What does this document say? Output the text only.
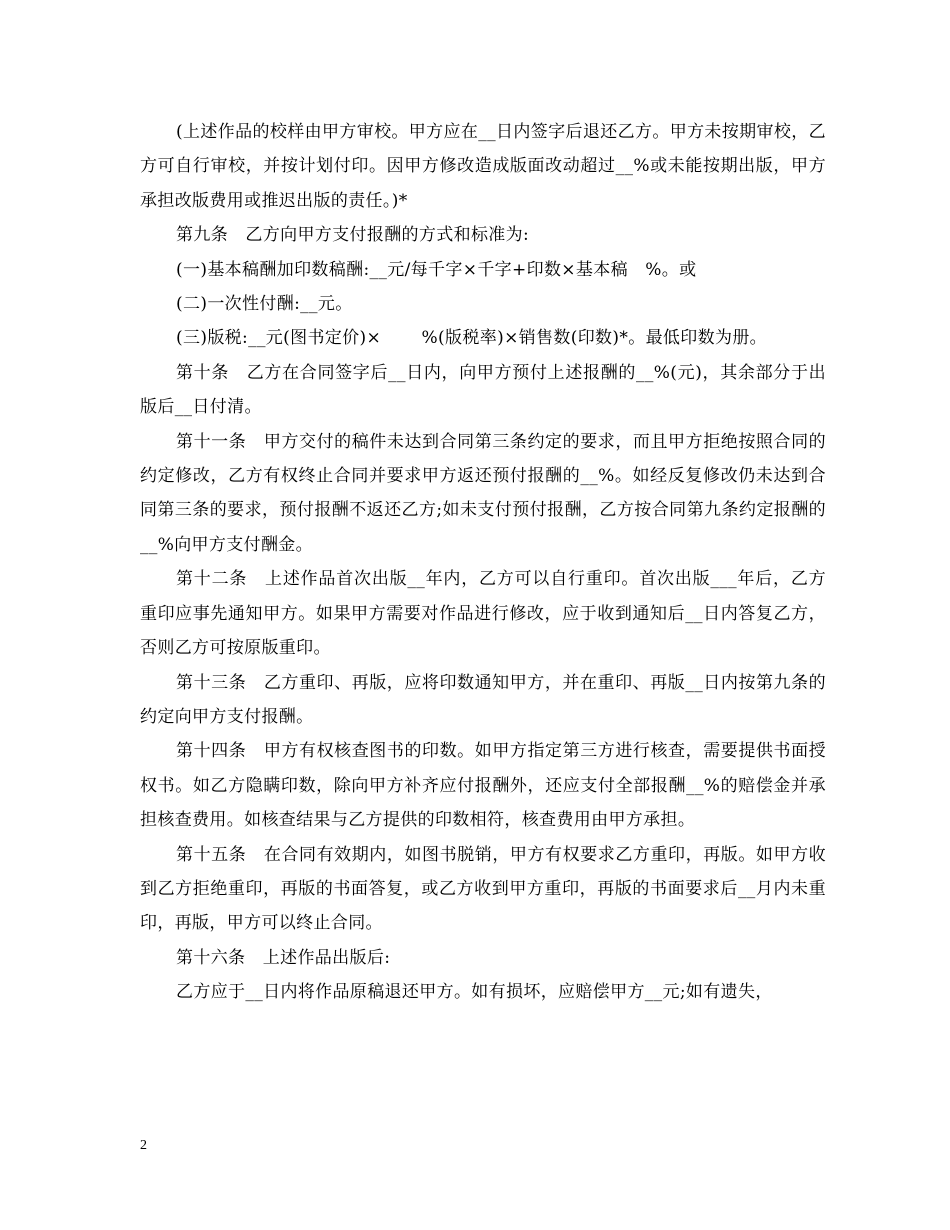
(上述作品的校样由甲方审校。甲方应在__日内签字后退还乙方。甲方未按期审校，乙方可自行审校，并按计划付印。因甲方修改造成版面改动超过__%或未能按期出版，甲方承担改版费用或推迟出版的责任。)*

第九条　乙方向甲方支付报酬的方式和标准为:

(一)基本稿酬加印数稿酬:__元/每千字×千字+印数×基本稿　%。或

(二)一次性付酬:__元。

(三)版税:__元(图书定价)×　　 %(版税率)×销售数(印数)*。最低印数为册。

第十条　乙方在合同签字后__日内，向甲方预付上述报酬的__%(元)，其余部分于出版后__日付清。

第十一条　甲方交付的稿件未达到合同第三条约定的要求，而且甲方拒绝按照合同的约定修改，乙方有权终止合同并要求甲方返还预付报酬的__%。如经反复修改仍未达到合同第三条的要求，预付报酬不返还乙方;如未支付预付报酬，乙方按合同第九条约定报酬的__%向甲方支付酬金。

第十二条　上述作品首次出版__年内，乙方可以自行重印。首次出版___年后，乙方重印应事先通知甲方。如果甲方需要对作品进行修改，应于收到通知后__日内答复乙方，否则乙方可按原版重印。

第十三条　乙方重印、再版，应将印数通知甲方，并在重印、再版__日内按第九条的约定向甲方支付报酬。

第十四条　甲方有权核查图书的印数。如甲方指定第三方进行核查，需要提供书面授权书。如乙方隐瞒印数，除向甲方补齐应付报酬外，还应支付全部报酬__%的赔偿金并承担核查费用。如核查结果与乙方提供的印数相符，核查费用由甲方承担。

第十五条　在合同有效期内，如图书脱销，甲方有权要求乙方重印，再版。如甲方收到乙方拒绝重印，再版的书面答复，或乙方收到甲方重印，再版的书面要求后__月内未重印，再版，甲方可以终止合同。

第十六条　上述作品出版后:

乙方应于__日内将作品原稿退还甲方。如有损坏，应赔偿甲方__元;如有遗失，

2
